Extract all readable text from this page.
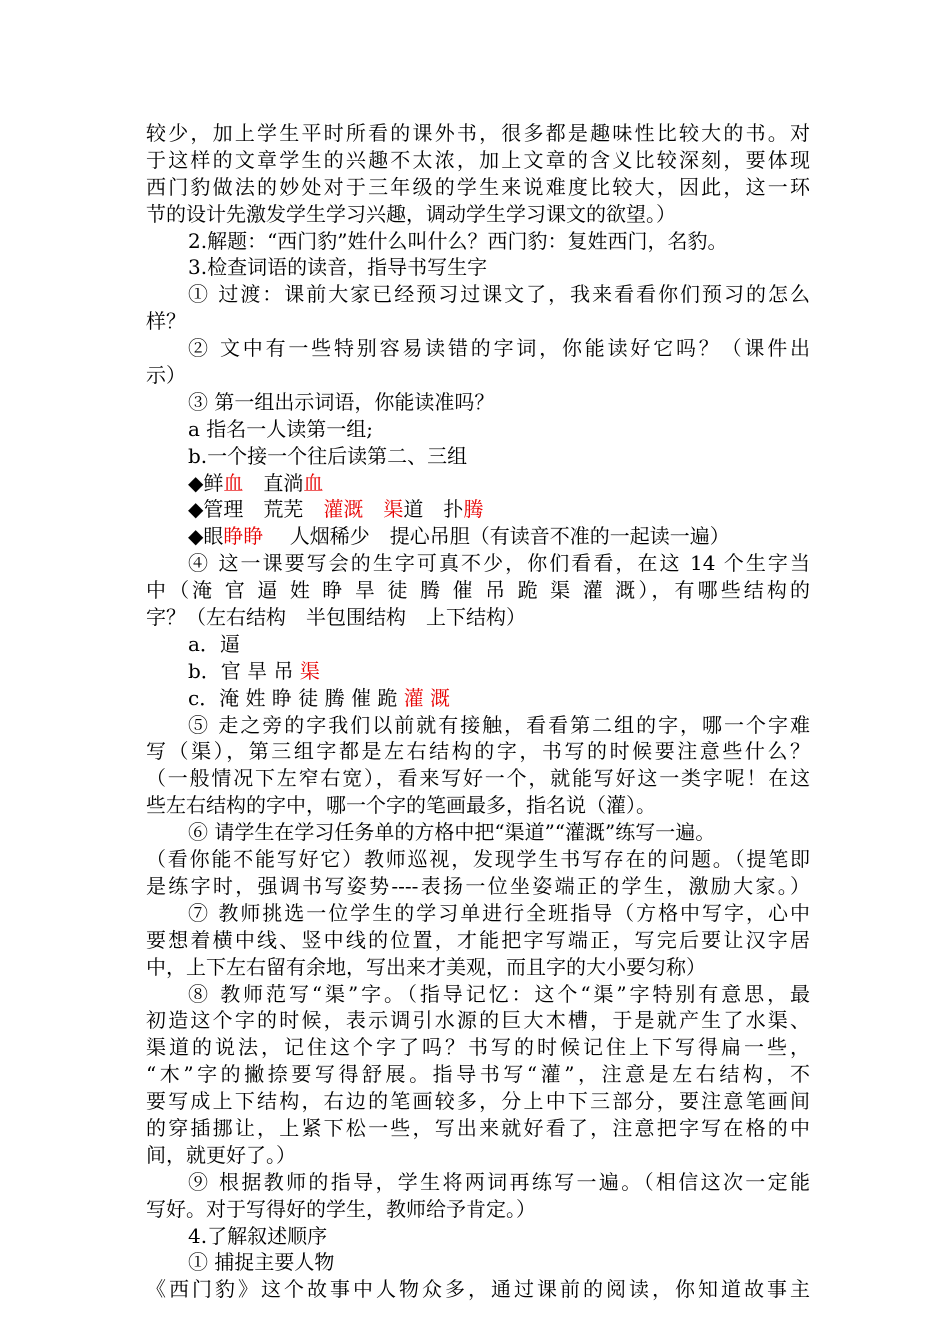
较少，加上学生平时所看的课外书，很多都是趣味性比较大的书。对
于这样的文章学生的兴趣不太浓，加上文章的含义比较深刻，要体现
西门豹做法的妙处对于三年级的学生来说难度比较大，因此，这一环
节的设计先激发学生学习兴趣，调动学生学习课文的欲望。）
2.解题：“西门豹”姓什么叫什么？西门豹：复姓西门，名豹。
3.检查词语的读音，指导书写生字
① 过渡：课前大家已经预习过课文了，我来看看你们预习的怎么
样？
② 文中有一些特别容易读错的字词，你能读好它吗？（课件出
示）
③ 第一组出示词语，你能读准吗？
a 指名一人读第一组;
b.一个接一个往后读第二、三组
◆鲜血　直淌血
◆管理　荒芜　灌溉　渠道　扑腾
◆眼睁睁　 人烟稀少　提心吊胆（有读音不准的一起读一遍）
④ 这一课要写会的生字可真不少，你们看看，在这 14 个生字当
中（淹 官 逼 姓 睁 旱 徒 腾 催 吊 跪 渠 灌 溉），有哪些结构的
字？（左右结构　半包围结构　上下结构）
a．逼
b．官 旱 吊 渠
c．淹 姓 睁 徒 腾 催 跪 灌 溉
⑤ 走之旁的字我们以前就有接触，看看第二组的字，哪一个字难
写（渠），第三组字都是左右结构的字，书写的时候要注意些什么？
（一般情况下左窄右宽），看来写好一个，就能写好这一类字呢！在这
些左右结构的字中，哪一个字的笔画最多，指名说（灌）。
⑥ 请学生在学习任务单的方格中把“渠道”“灌溉”练写一遍。
（看你能不能写好它）教师巡视，发现学生书写存在的问题。（提笔即
是练字时，强调书写姿势----表扬一位坐姿端正的学生，激励大家。）
⑦ 教师挑选一位学生的学习单进行全班指导（方格中写字，心中
要想着横中线、竖中线的位置，才能把字写端正，写完后要让汉字居
中，上下左右留有余地，写出来才美观，而且字的大小要匀称）
⑧ 教师范写“渠”字。（指导记忆：这个“渠”字特别有意思，最
初造这个字的时候，表示调引水源的巨大木槽，于是就产生了水渠、
渠道的说法，记住这个字了吗？书写的时候记住上下写得扁一些，
“木”字的撇捺要写得舒展。指导书写“灌”，注意是左右结构，不
要写成上下结构，右边的笔画较多，分上中下三部分，要注意笔画间
的穿插挪让，上紧下松一些，写出来就好看了，注意把字写在格的中
间，就更好了。）
⑨ 根据教师的指导，学生将两词再练写一遍。（相信这次一定能
写好。对于写得好的学生，教师给予肯定。）
4.了解叙述顺序
① 捕捉主要人物
《西门豹》这个故事中人物众多，通过课前的阅读，你知道故事主
